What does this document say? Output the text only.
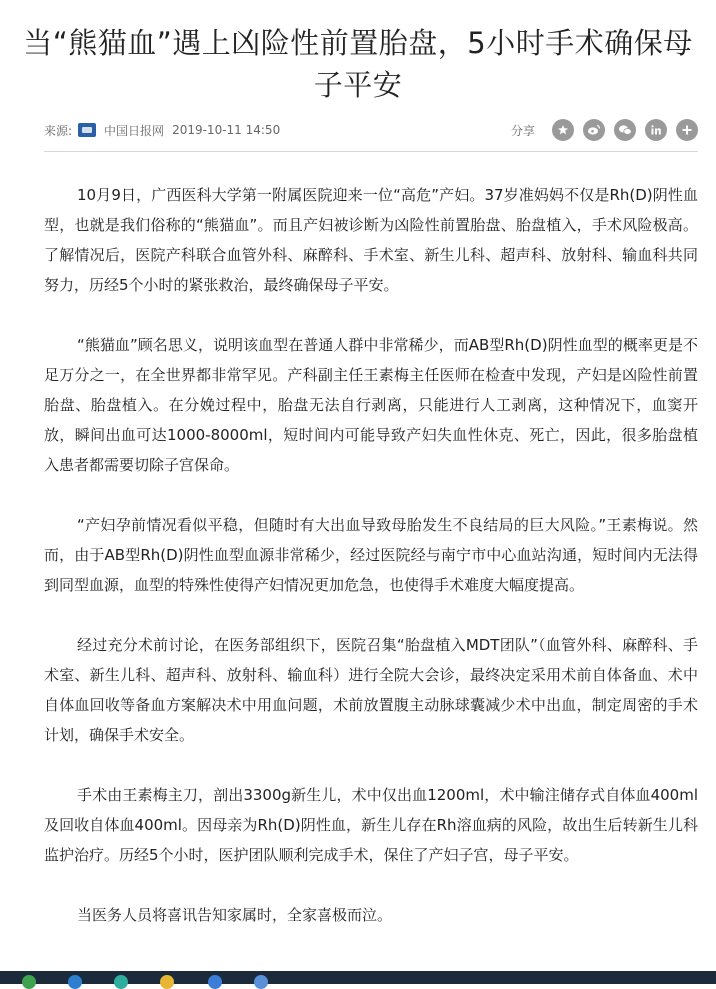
当“熊猫血”遇上凶险性前置胎盘，5小时手术确保母子平安
来源:	中国日报网 2019-10-11 14:50	分享

10月9日，广西医科大学第一附属医院迎来一位“高危”产妇。37岁准妈妈不仅是Rh(D)阴性血型，也就是我们俗称的“熊猫血”。而且产妇被诊断为凶险性前置胎盘、胎盘植入，手术风险极高。了解情况后，医院产科联合血管外科、麻醉科、手术室、新生儿科、超声科、放射科、输血科共同努力，历经5个小时的紧张救治，最终确保母子平安。

“熊猫血”顾名思义，说明该血型在普通人群中非常稀少，而AB型Rh(D)阴性血型的概率更是不足万分之一，在全世界都非常罕见。产科副主任王素梅主任医师在检查中发现，产妇是凶险性前置胎盘、胎盘植入。在分娩过程中，胎盘无法自行剥离，只能进行人工剥离，这种情况下，血窦开放，瞬间出血可达1000-8000ml，短时间内可能导致产妇失血性休克、死亡，因此，很多胎盘植入患者都需要切除子宫保命。

“产妇孕前情况看似平稳，但随时有大出血导致母胎发生不良结局的巨大风险。”王素梅说。然而，由于AB型Rh(D)阴性血型血源非常稀少，经过医院经与南宁市中心血站沟通，短时间内无法得到同型血源，血型的特殊性使得产妇情况更加危急，也使得手术难度大幅度提高。

经过充分术前讨论，在医务部组织下，医院召集“胎盘植入MDT团队”（血管外科、麻醉科、手术室、新生儿科、超声科、放射科、输血科）进行全院大会诊，最终决定采用术前自体备血、术中自体血回收等备血方案解决术中用血问题，术前放置腹主动脉球囊减少术中出血，制定周密的手术计划，确保手术安全。

手术由王素梅主刀，剖出3300g新生儿，术中仅出血1200ml，术中输注储存式自体血400ml及回收自体血400ml。因母亲为Rh(D)阴性血，新生儿存在Rh溶血病的风险，故出生后转新生儿科监护治疗。历经5个小时，医护团队顺利完成手术，保住了产妇子宫，母子平安。

当医务人员将喜讯告知家属时，全家喜极而泣。
